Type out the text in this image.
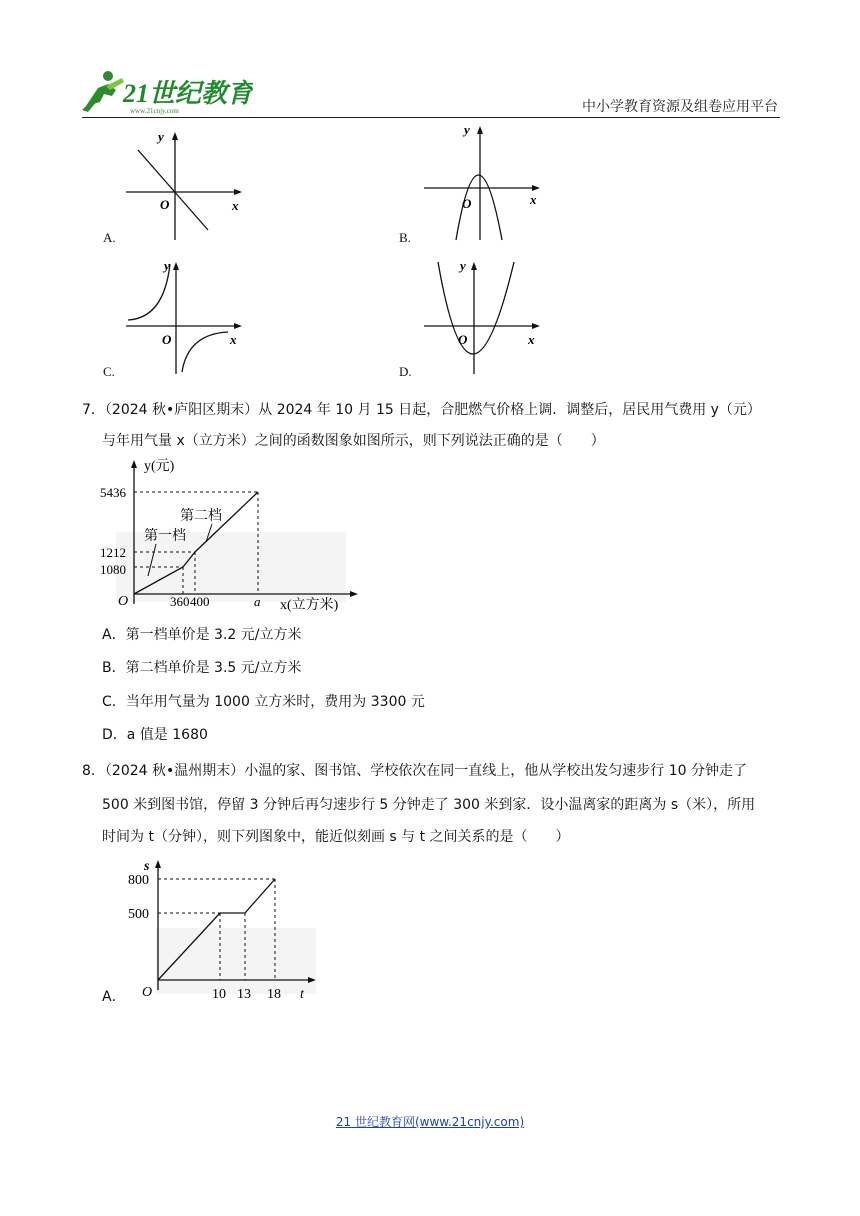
21世纪教育
www.21cnjy.com	中小学教育资源及组卷应用平台
y
x
O
A.
y
x
O
B.
y
x
O
C.
y
x
O
D.
7．（2024 秋•庐阳区期末）从 2024 年 10 月 15 日起，合肥燃气价格上调．调整后，居民用气费用 y（元）
与年用气量 x（立方米）之间的函数图象如图所示，则下列说法正确的是（　　）
y(元)
x(立方米)
O
5436
1212
1080
360 400	a
第一档
第二档
A．第一档单价是 3.2 元/立方米
B．第二档单价是 3.5 元/立方米
C．当年用气量为 1000 立方米时，费用为 3300 元
D．a 值是 1680
8．（2024 秋•温州期末）小温的家、图书馆、学校依次在同一直线上，他从学校出发匀速步行 10 分钟走了
500 米到图书馆，停留 3 分钟后再匀速步行 5 分钟走了 300 米到家．设小温离家的距离为 s（米），所用
时间为 t（分钟），则下列图象中，能近似刻画 s 与 t 之间关系的是（　　）
s
t
O
800
500
10 13 18
A．
21 世纪教育网(www.21cnjy.com)
